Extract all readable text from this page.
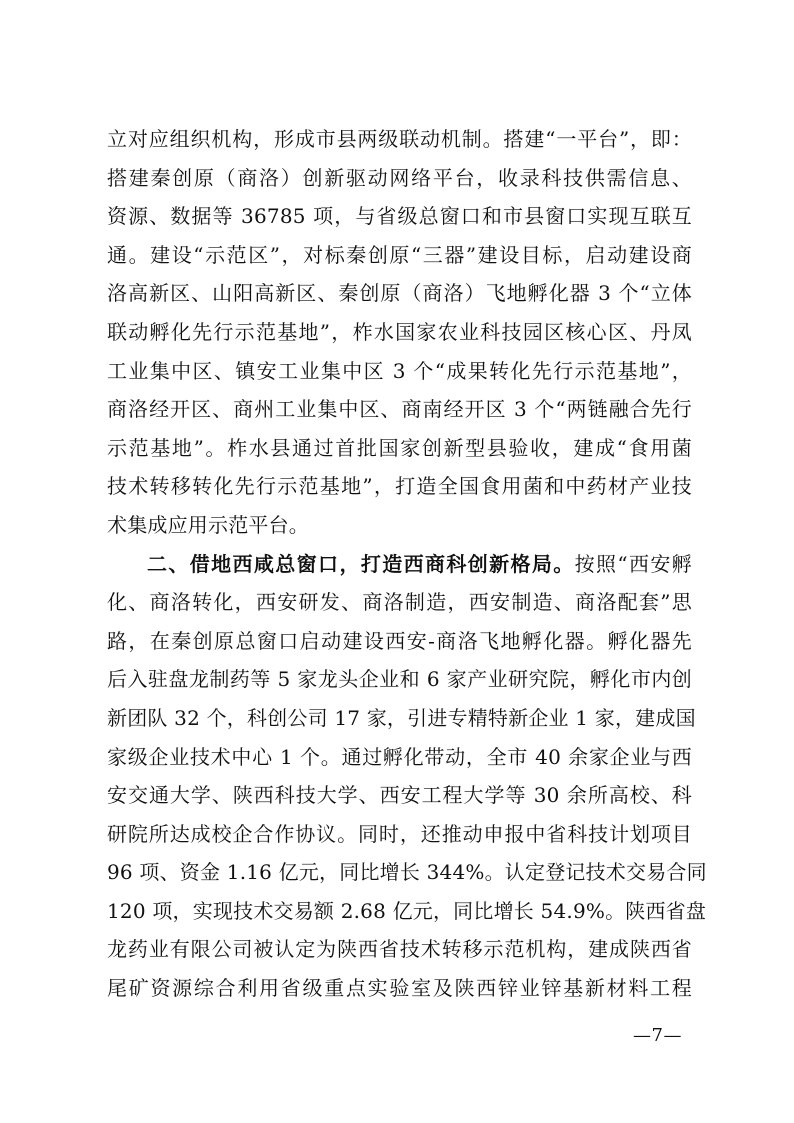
立对应组织机构，形成市县两级联动机制。搭建“一平台”，即：
搭建秦创原（商洛）创新驱动网络平台，收录科技供需信息、
资源、数据等 36785 项，与省级总窗口和市县窗口实现互联互
通。建设“示范区”，对标秦创原“三器”建设目标，启动建设商
洛高新区、山阳高新区、秦创原（商洛）飞地孵化器 3 个“立体
联动孵化先行示范基地”，柞水国家农业科技园区核心区、丹凤
工业集中区、镇安工业集中区 3 个“成果转化先行示范基地”，
商洛经开区、商州工业集中区、商南经开区 3 个“两链融合先行
示范基地”。柞水县通过首批国家创新型县验收，建成“食用菌
技术转移转化先行示范基地”，打造全国食用菌和中药材产业技
术集成应用示范平台。
二、借地西咸总窗口，打造西商科创新格局。按照“西安孵
化、商洛转化，西安研发、商洛制造，西安制造、商洛配套”思
路，在秦创原总窗口启动建设西安-商洛飞地孵化器。孵化器先
后入驻盘龙制药等 5 家龙头企业和 6 家产业研究院，孵化市内创
新团队 32 个，科创公司 17 家，引进专精特新企业 1 家，建成国
家级企业技术中心 1 个。通过孵化带动，全市 40 余家企业与西
安交通大学、陕西科技大学、西安工程大学等 30 余所高校、科
研院所达成校企合作协议。同时，还推动申报中省科技计划项目
96 项、资金 1.16 亿元，同比增长 344%。认定登记技术交易合同
120 项，实现技术交易额 2.68 亿元，同比增长 54.9%。陕西省盘
龙药业有限公司被认定为陕西省技术转移示范机构，建成陕西省
尾矿资源综合利用省级重点实验室及陕西锌业锌基新材料工程
—7—
